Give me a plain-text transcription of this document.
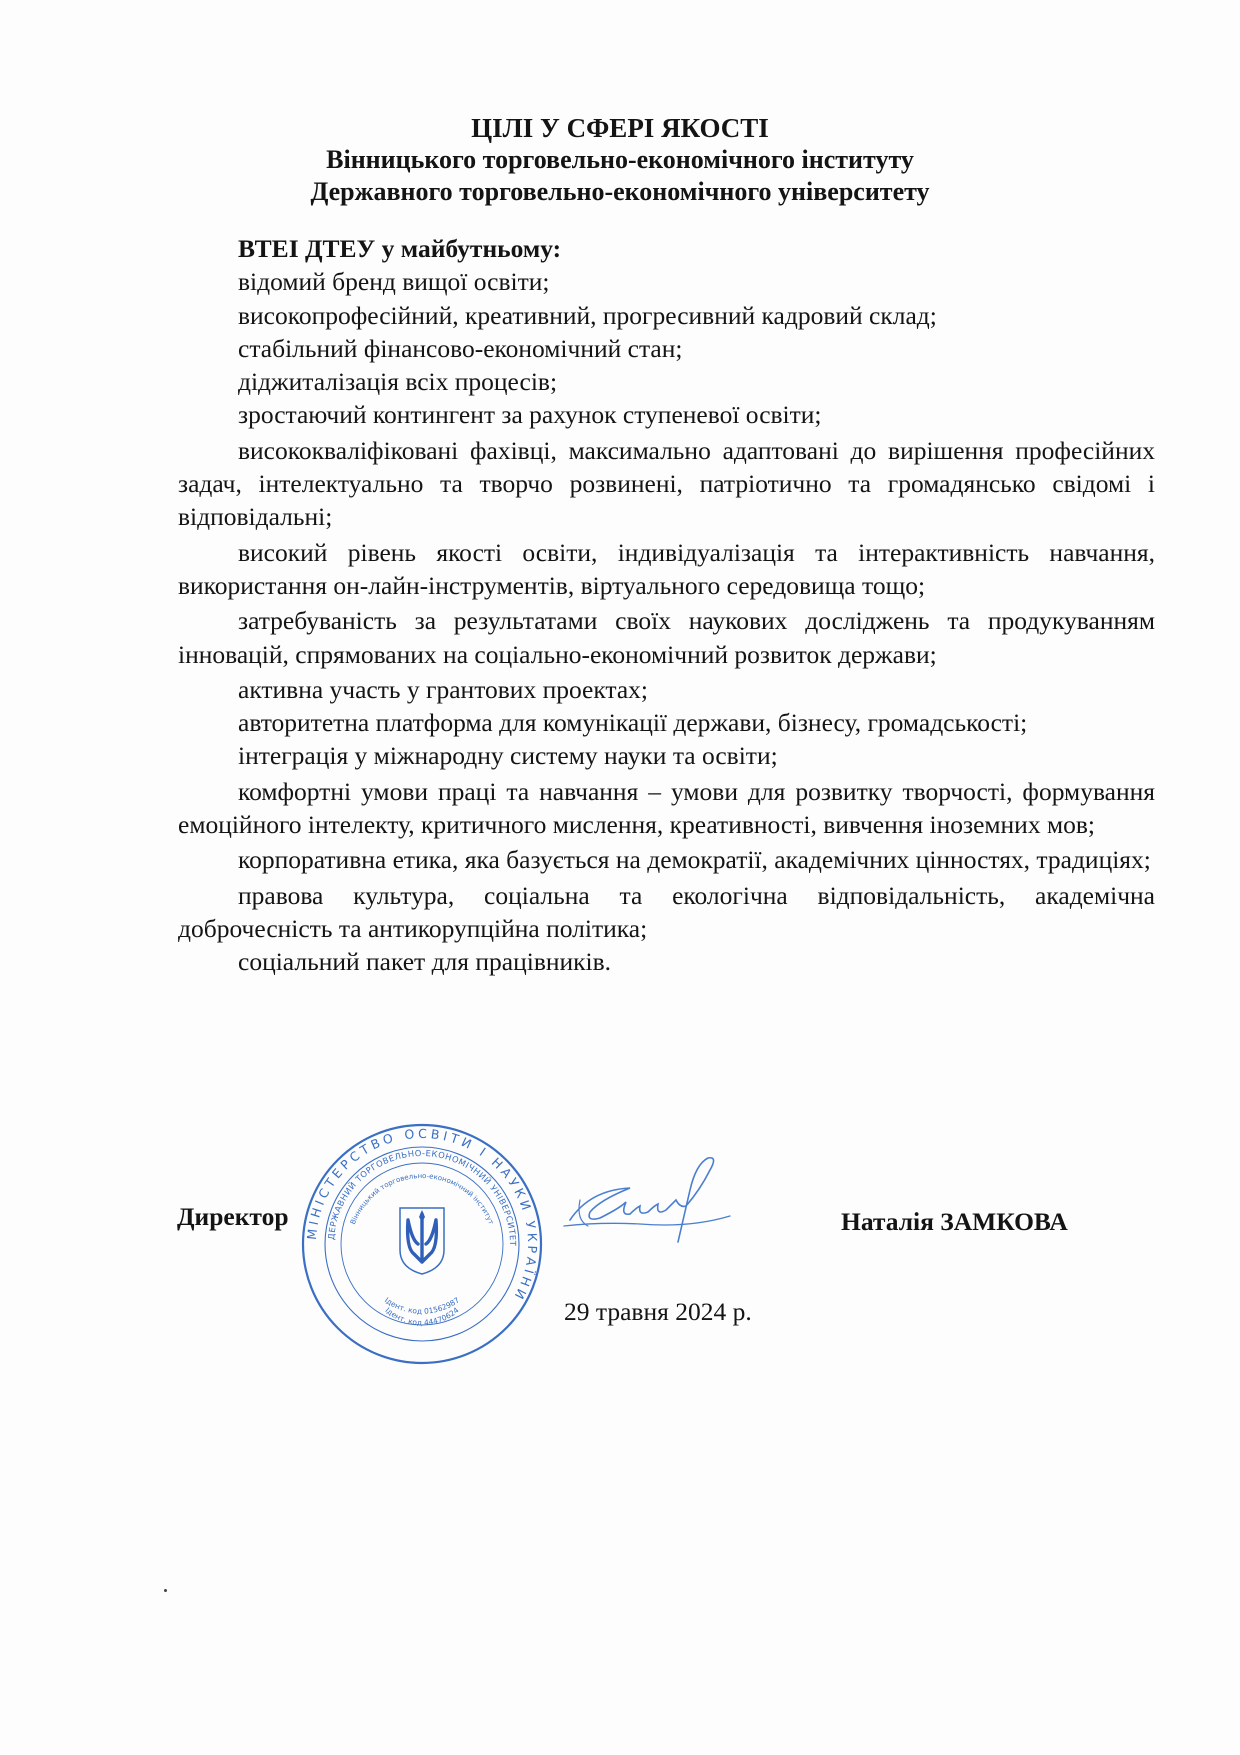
ЦІЛІ У СФЕРІ ЯКОСТІ
Вінницького торговельно-економічного інституту
Державного торговельно-економічного університету
ВТЕІ ДТЕУ у майбутньому:

відомий бренд вищої освіти;

високопрофесійний, креативний, прогресивний кадровий склад;

стабільний фінансово-економічний стан;

діджиталізація всіх процесів;

зростаючий контингент за рахунок ступеневої освіти;

висококваліфіковані фахівці, максимально адаптовані до вирішення професійних задач, інтелектуально та творчо розвинені, патріотично та громадянсько свідомі і відповідальні;

високий рівень якості освіти, індивідуалізація та інтерактивність навчання, використання он-лайн-інструментів, віртуального середовища тощо;

затребуваність за результатами своїх наукових досліджень та продукуванням інновацій, спрямованих на соціально-економічний розвиток держави;

активна участь у грантових проектах;

авторитетна платформа для комунікації держави, бізнесу, громадськості;

інтеграція у міжнародну систему науки та освіти;

комфортні умови праці та навчання – умови для розвитку творчості, формування емоційного інтелекту, критичного мислення, креативності, вивчення іноземних мов;

корпоративна етика, яка базується на демократії, академічних цінностях, традиціях;

правова культура, соціальна та екологічна відповідальність, академічна доброчесність та антикорупційна політика;

соціальний пакет для працівників.

Директор
МІНІСТЕРСТВО ОСВІТИ І НАУКИ УКРАЇНИ
ДЕРЖАВНИЙ ТОРГОВЕЛЬНО-ЕКОНОМІЧНИЙ УНІВЕРСИТЕТ
Вінницький торговельно-економічний інститут
Ідент. код 01562987
Ідент. код 44470624
Наталія ЗАМКОВА
29 травня 2024 р.
